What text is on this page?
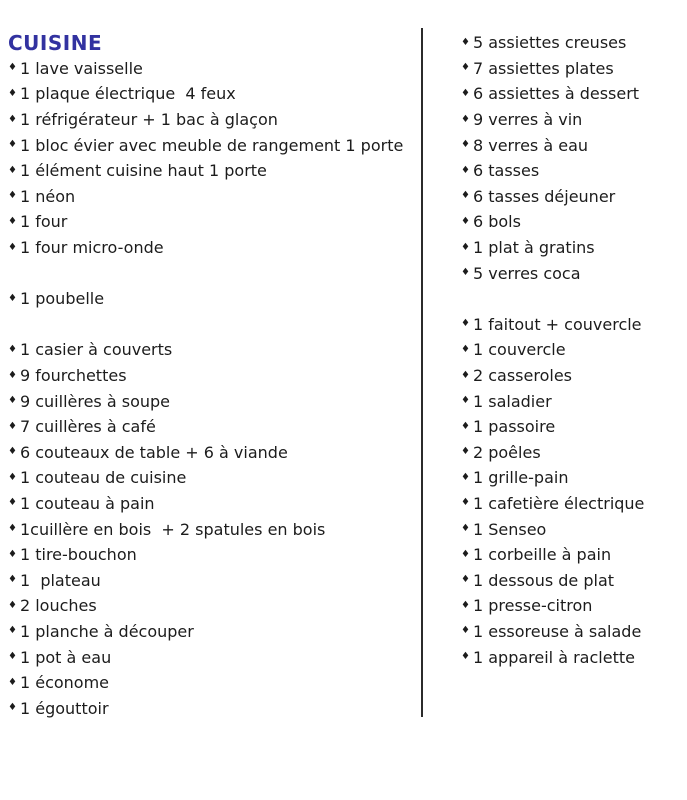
CUISINE
♦ 1 lave vaisselle
♦ 1 plaque électrique  4 feux
♦ 1 réfrigérateur + 1 bac à glaçon
♦ 1 bloc évier avec meuble de rangement 1 porte
♦ 1 élément cuisine haut 1 porte
♦ 1 néon
♦ 1 four
♦ 1 four micro-onde
♦ 1 poubelle
♦ 1 casier à couverts
♦ 9 fourchettes
♦ 9 cuillères à soupe
♦ 7 cuillères à café
♦ 6 couteaux de table + 6 à viande
♦ 1 couteau de cuisine
♦ 1 couteau à pain
♦ 1cuillère en bois  + 2 spatules en bois
♦ 1 tire-bouchon
♦ 1  plateau
♦ 2 louches
♦ 1 planche à découper
♦ 1 pot à eau
♦ 1 économe
♦ 1 égouttoir
♦ 5 assiettes creuses
♦ 7 assiettes plates
♦ 6 assiettes à dessert
♦ 9 verres à vin
♦ 8 verres à eau
♦ 6 tasses
♦ 6 tasses déjeuner
♦ 6 bols
♦ 1 plat à gratins
♦ 5 verres coca
♦ 1 faitout + couvercle
♦ 1 couvercle
♦ 2 casseroles
♦ 1 saladier
♦ 1 passoire
♦ 2 poêles
♦ 1 grille-pain
♦ 1 cafetière électrique
♦ 1 Senseo
♦ 1 corbeille à pain
♦ 1 dessous de plat
♦ 1 presse-citron
♦ 1 essoreuse à salade
♦ 1 appareil à raclette
